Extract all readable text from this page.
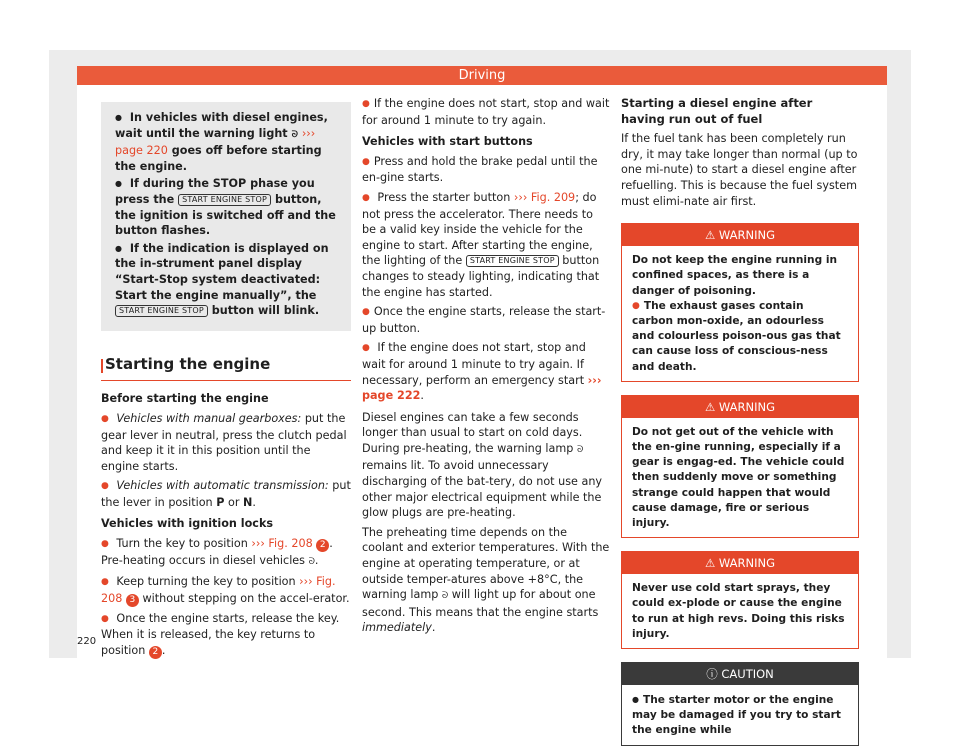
Driving

● In vehicles with diesel engines, wait until the warning light ᘐ ››› page 220 goes off before starting the engine.

● If during the STOP phase you press the START ENGINE STOP button, the ignition is switched off and the button flashes.

● If the indication is displayed on the in-strument panel display “Start-Stop system deactivated: Start the engine manually”, the START ENGINE STOP button will blink.

Starting the engine

Before starting the engine

● Vehicles with manual gearboxes: put the gear lever in neutral, press the clutch pedal and keep it it in this position until the engine starts.

● Vehicles with automatic transmission: put the lever in position P or N.

Vehicles with ignition locks

● Turn the key to position ››› Fig. 208 2 . Pre-heating occurs in diesel vehicles ᘐ.

● Keep turning the key to position ››› Fig. 208 3 without stepping on the accel-erator.

● Once the engine starts, release the key. When it is released, the key returns to position 2 .

● If the engine does not start, stop and wait for around 1 minute to try again.

Vehicles with start buttons

● Press and hold the brake pedal until the en-gine starts.

● Press the starter button ››› Fig. 209; do not press the accelerator. There needs to be a valid key inside the vehicle for the engine to start. After starting the engine, the lighting of the START ENGINE STOP button changes to steady lighting, indicating that the engine has started.

● Once the engine starts, release the start-up button.

● If the engine does not start, stop and wait for around 1 minute to try again. If necessary, perform an emergency start ››› page 222.

Diesel engines can take a few seconds longer than usual to start on cold days. During pre-heating, the warning lamp ᘐ remains lit. To avoid unnecessary discharging of the bat-tery, do not use any other major electrical equipment while the glow plugs are pre-heating.

The preheating time depends on the coolant and exterior temperatures. With the engine at operating temperature, or at outside temper-atures above +8°C, the warning lamp ᘐ will light up for about one second. This means that the engine starts immediately.

Starting a diesel engine after having run out of fuel

If the fuel tank has been completely run dry, it may take longer than normal (up to one mi-nute) to start a diesel engine after refuelling. This is because the fuel system must elimi-nate air first.

⚠ WARNING
Do not keep the engine running in confined spaces, as there is a danger of poisoning.
● The exhaust gases contain carbon mon-oxide, an odourless and colourless poison-ous gas that can cause loss of conscious-ness and death.
⚠ WARNING
Do not get out of the vehicle with the en-gine running, especially if a gear is engag-ed. The vehicle could then suddenly move or something strange could happen that would cause damage, fire or serious injury.
⚠ WARNING
Never use cold start sprays, they could ex-plode or cause the engine to run at high revs. Doing this risks injury.
ⓘ CAUTION
● The starter motor or the engine may be damaged if you try to start the engine while
220
